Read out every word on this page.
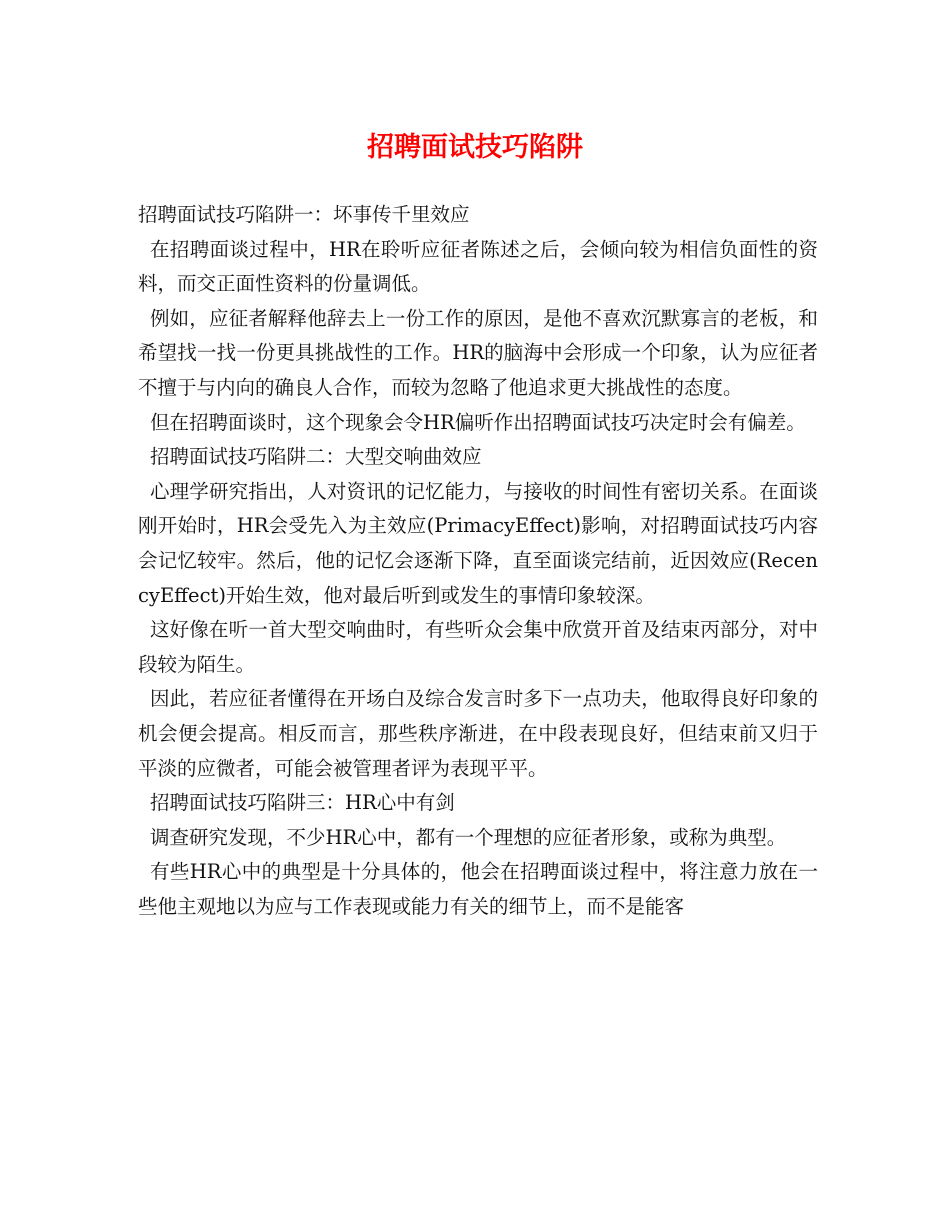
招聘面试技巧陷阱

招聘面试技巧陷阱一：坏事传千里效应

在招聘面谈过程中，HR在聆听应征者陈述之后，会倾向较为相信负面性的资料，而交正面性资料的份量调低。

例如，应征者解释他辞去上一份工作的原因，是他不喜欢沉默寡言的老板，和希望找一找一份更具挑战性的工作。HR的脑海中会形成一个印象，认为应征者不擅于与内向的确良人合作，而较为忽略了他追求更大挑战性的态度。

但在招聘面谈时，这个现象会令HR偏听作出招聘面试技巧决定时会有偏差。

招聘面试技巧陷阱二：大型交响曲效应

心理学研究指出，人对资讯的记忆能力，与接收的时间性有密切关系。在面谈刚开始时，HR会受先入为主效应(PrimacyEffect)影响，对招聘面试技巧内容会记忆较牢。然后，他的记忆会逐渐下降，直至面谈完结前，近因效应(RecencyEffect)开始生效，他对最后听到或发生的事情印象较深。

这好像在听一首大型交响曲时，有些听众会集中欣赏开首及结束丙部分，对中段较为陌生。

因此，若应征者懂得在开场白及综合发言时多下一点功夫，他取得良好印象的机会便会提高。相反而言，那些秩序渐进，在中段表现良好，但结束前又归于平淡的应微者，可能会被管理者评为表现平平。

招聘面试技巧陷阱三：HR心中有剑

调查研究发现，不少HR心中，都有一个理想的应征者形象，或称为典型。

有些HR心中的典型是十分具体的，他会在招聘面谈过程中，将注意力放在一些他主观地以为应与工作表现或能力有关的细节上，而不是能客
